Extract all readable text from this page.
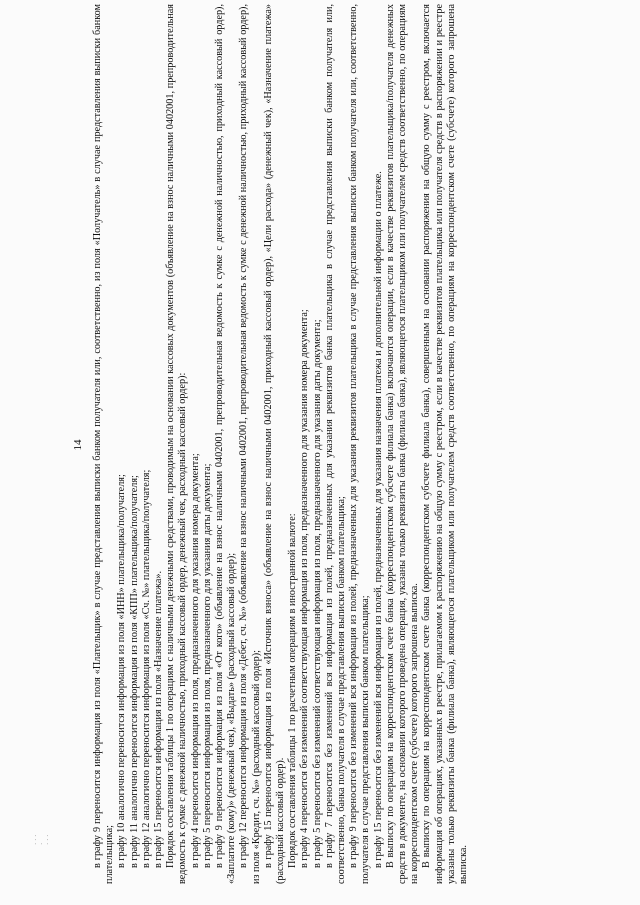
· · · ·
· · ·
14 в графу 9 переносится информация из поля «Плательщик» в случае представления выписки банком получателя или, соответственно, из поля «Получатель» в случае представления выписки банком плательщика; в графу 10 аналогично переносится информация из поля «ИНН» плательщика/получателя; в графу 11 аналогично переносится информация из поля «КПП» плательщика/получателя; в графу 12 аналогично переносится информация из поля «Сч. №» плательщика/получателя; в графу 15 переносится информация из поля «Назначение платежа». Порядок составления таблицы 1 по операциям с наличными денежными средствами, проводимым на основании кассовых документов (объявление на взнос наличными 0402001, препроводительная ведомость к сумке с денежной наличностью, приходный кассовый ордер, денежный чек, расходный кассовый ордер): в графу 4 переносится информация из поля, предназначенного для указания номера документа; в графу 5 переносится информация из поля, предназначенного для указания даты документа; в графу 9 переносится информация из поля «От кого» (объявление на взнос наличными 0402001, препроводительная ведомость к сумке с денежной наличностью, приходный кассовый ордер), «Заплатите (кому)» (денежный чек), «Выдать» (расходный кассовый ордер); в графу 12 переносится информация из поля «Дебет, сч. №» (объявление на взнос наличными 0402001, препроводительная ведомость к сумке с денежной наличностью, приходный кассовый ордер), из поля «Кредит, сч. №» (расходный кассовый ордер); в графу 15 переносится информация из поля «Источник взноса» (объявление на взнос наличными 0402001, приходный кассовый ордер), «Цели расхода» (денежный чек), «Назначение платежа» (расходный кассовый ордер). Порядок составления таблицы 1 по расчетным операциям в иностранной валюте: в графу 4 переносится без изменений соответствующая информация из поля, предназначенного для указания номера документа; в графу 5 переносится без изменений соответствующая информация из поля, предназначенного для указания даты документа; в графу 7 переносится без изменений вся информация из полей, предназначенных для указания реквизитов банка плательщика в случае представления выписки банком получателя или, соответственно, банка получателя в случае представления выписки банком плательщика; в графу 9 переносится без изменений вся информация из полей, предназначенных для указания реквизитов плательщика в случае представления выписки банком получателя или, соответственно, получателя в случае представления выписки банком плательщика; в графу 15 переносится без изменений вся информация из полей, предназначенных для указания назначения платежа и дополнительной информации о платеже. В выписку по операциям на корреспондентском счете банка (корреспондентском субсчете филиала банка) включаются операции, если в качестве реквизитов плательщика/получателя денежных средств в документе, на основании которого проведена операция, указаны только реквизиты банка (филиала банка), являющегося плательщиком или получателем средств соответственно, по операциям на корреспондентском счете (субсчете) которого запрошена выписка. В выписку по операциям на корреспондентском счете банка (корреспондентском субсчете филиала банка), совершенным на основании распоряжения на общую сумму с реестром, включается информация об операциях, указанных в реестре, прилагаемом к распоряжению на общую сумму с реестром, если в качестве реквизитов плательщика или получателя средств в распоряжении и реестре указаны только реквизиты банка (филиала банка), являющегося плательщиком или получателем средств соответственно, по операциям на корреспондентском счете (субсчете) которого запрошена выписка.
